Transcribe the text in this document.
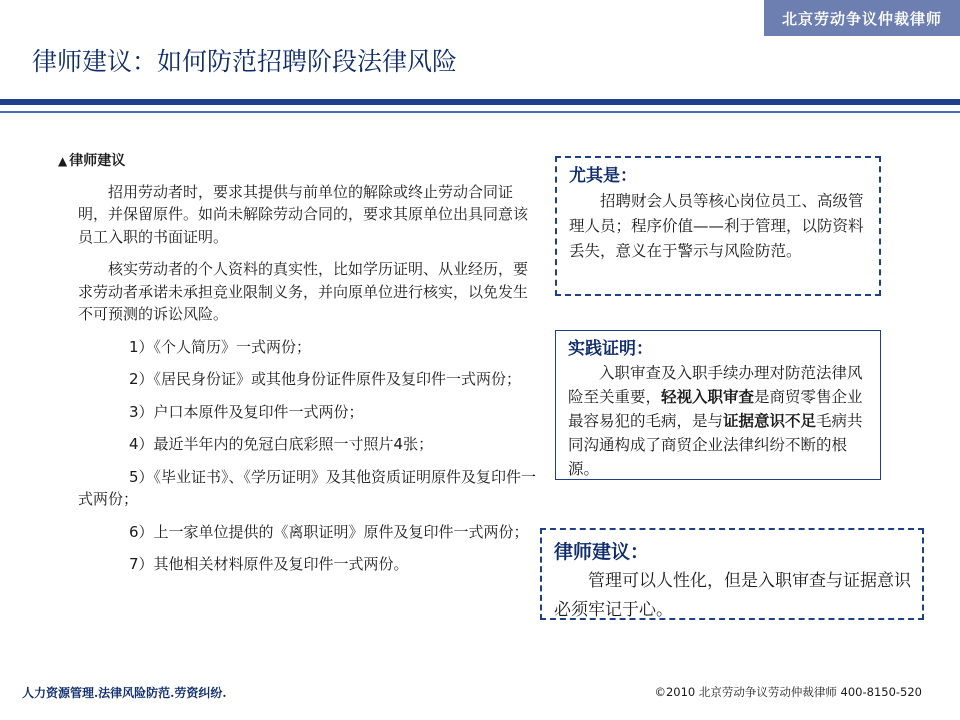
北京劳动争议仲裁律师
律师建议：如何防范招聘阶段法律风险
▲ 律师建议

招用劳动者时，要求其提供与前单位的解除或终止劳动合同证明，并保留原件。如尚未解除劳动合同的，要求其原单位出具同意该员工入职的书面证明。

核实劳动者的个人资料的真实性，比如学历证明、从业经历，要求劳动者承诺未承担竞业限制义务，并向原单位进行核实，以免发生不可预测的诉讼风险。

1）《个人简历》一式两份；
2）《居民身份证》或其他身份证件原件及复印件一式两份；
3）户口本原件及复印件一式两份；
4）最近半年内的免冠白底彩照一寸照片4张；
5）《毕业证书》、《学历证明》及其他资质证明原件及复印件一式两份；
6）上一家单位提供的《离职证明》原件及复印件一式两份；
7）其他相关材料原件及复印件一式两份。
尤其是：

招聘财会人员等核心岗位员工、高级管理人员；程序价值——利于管理，以防资料丢失，意义在于警示与风险防范。

实践证明：

入职审查及入职手续办理对防范法律风险至关重要，轻视入职审查是商贸零售企业最容易犯的毛病，是与证据意识不足毛病共同沟通构成了商贸企业法律纠纷不断的根源。

律师建议：

管理可以人性化，但是入职审查与证据意识必须牢记于心。

人力资源管理.法律风险防范.劳资纠纷.	©2010 北京劳动争议劳动仲裁律师 400-8150-520
